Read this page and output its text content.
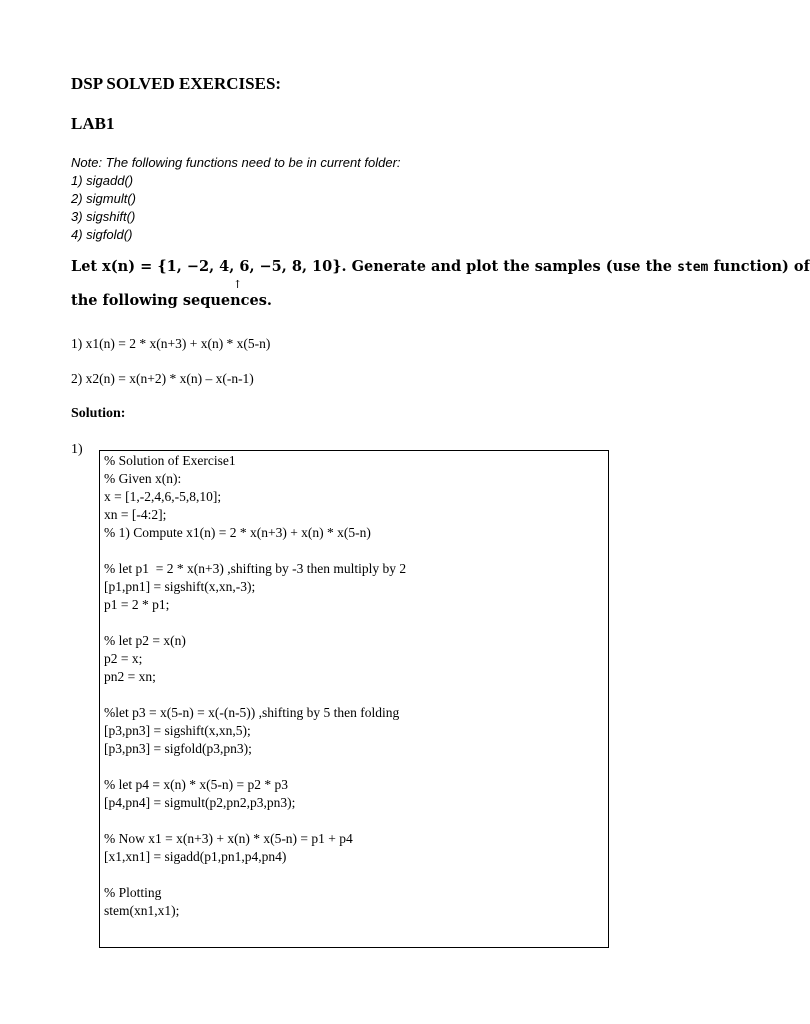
DSP SOLVED EXERCISES:
LAB1
Note: The following functions need to be in current folder:
1) sigadd()
2) sigmult()
3) sigshift()
4) sigfold()
Let x(n) = {1, −2, 4, 6, −5, 8, 10}. Generate and plot the samples (use the stem function) of
↑
the following sequences.
1) x1(n) = 2 * x(n+3) + x(n) * x(5-n)
2) x2(n) = x(n+2) * x(n) – x(-n-1)
Solution:
1)
% Solution of Exercise1
% Given x(n):
x = [1,-2,4,6,-5,8,10];
xn = [-4:2];
% 1) Compute x1(n) = 2 * x(n+3) + x(n) * x(5-n)
% let p1  = 2 * x(n+3) ,shifting by -3 then multiply by 2
[p1,pn1] = sigshift(x,xn,-3);
p1 = 2 * p1;
% let p2 = x(n)
p2 = x;
pn2 = xn;
%let p3 = x(5-n) = x(-(n-5)) ,shifting by 5 then folding
[p3,pn3] = sigshift(x,xn,5);
[p3,pn3] = sigfold(p3,pn3);
% let p4 = x(n) * x(5-n) = p2 * p3
[p4,pn4] = sigmult(p2,pn2,p3,pn3);
% Now x1 = x(n+3) + x(n) * x(5-n) = p1 + p4
[x1,xn1] = sigadd(p1,pn1,p4,pn4)
% Plotting
stem(xn1,x1);
